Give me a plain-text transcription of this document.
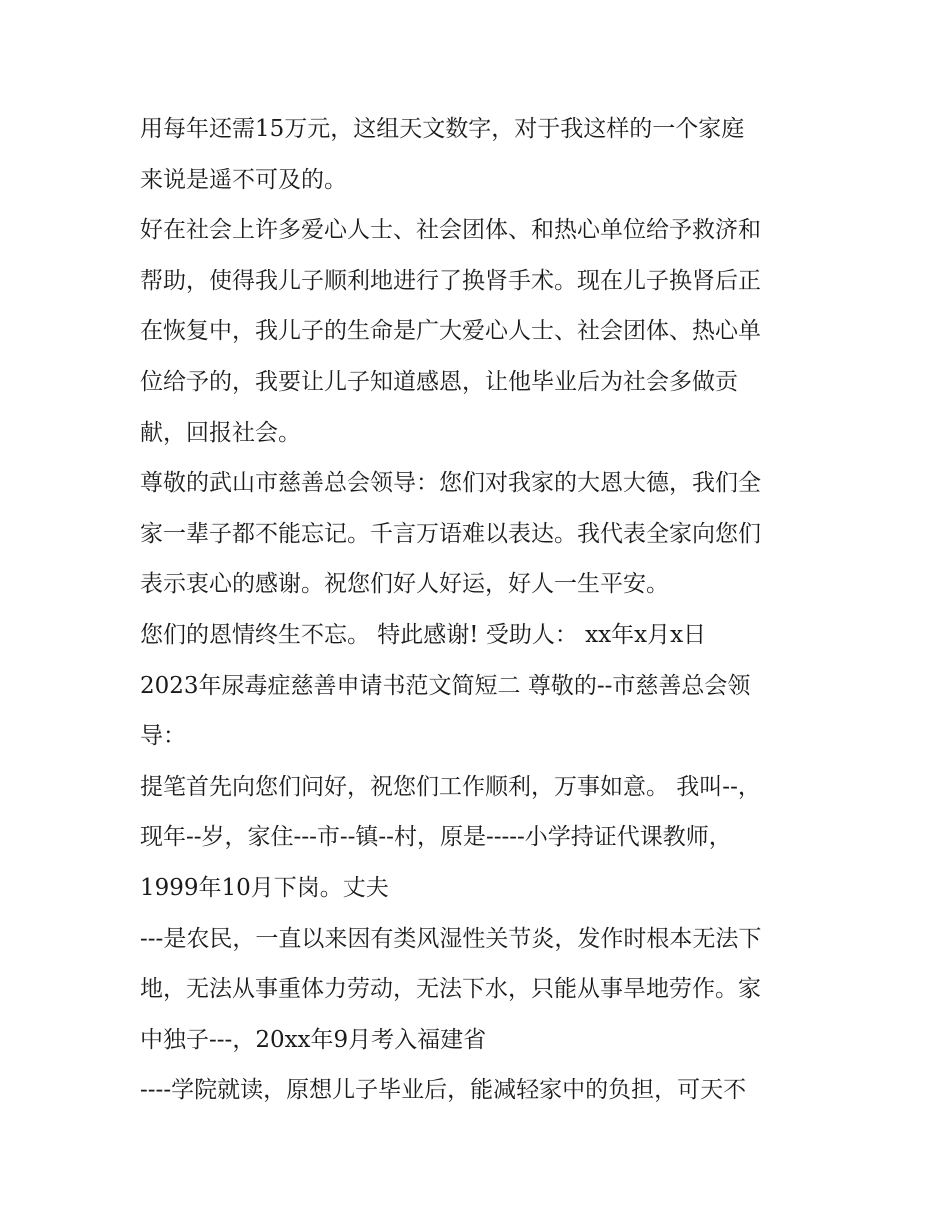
用每年还需15万元，这组天文数字，对于我这样的一个家庭
来说是遥不可及的。
好在社会上许多爱心人士、社会团体、和热心单位给予救济和
帮助，使得我儿子顺利地进行了换肾手术。现在儿子换肾后正
在恢复中，我儿子的生命是广大爱心人士、社会团体、热心单
位给予的，我要让儿子知道感恩，让他毕业后为社会多做贡
献，回报社会。
尊敬的武山市慈善总会领导：您们对我家的大恩大德，我们全
家一辈子都不能忘记。千言万语难以表达。我代表全家向您们
表示衷心的感谢。祝您们好人好运，好人一生平安。
您们的恩情终生不忘。 特此感谢! 受助人： xx年x月x日
2023年尿毒症慈善申请书范文简短二 尊敬的--市慈善总会领
导：
提笔首先向您们问好，祝您们工作顺利，万事如意。 我叫--，
现年--岁，家住---市--镇--村，原是-----小学持证代课教师，
1999年10月下岗。丈夫
---是农民，一直以来因有类风湿性关节炎，发作时根本无法下
地，无法从事重体力劳动，无法下水，只能从事旱地劳作。家
中独子---，20xx年9月考入福建省
----学院就读，原想儿子毕业后，能减轻家中的负担，可天不
